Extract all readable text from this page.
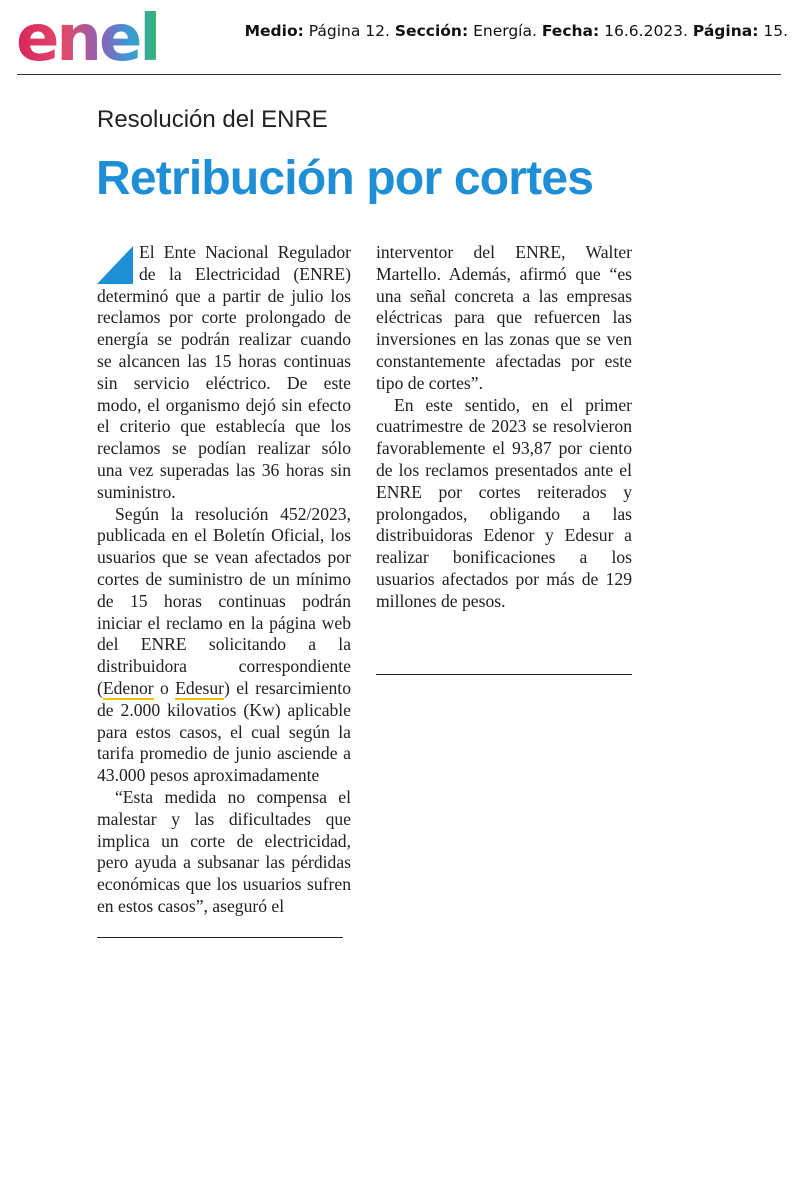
enel	Medio: Página 12. Sección: Energía. Fecha: 16.6.2023. Página: 15.
Resolución del ENRE
Retribución por cortes

El Ente Nacional Regulador de la Electricidad (ENRE) determinó que a partir de julio los reclamos por corte prolongado de energía se podrán realizar cuando se alcancen las 15 horas continuas sin servicio eléctrico. De este modo, el organismo dejó sin efecto el criterio que establecía que los reclamos se podían realizar sólo una vez superadas las 36 horas sin suministro.

Según la resolución 452/2023, publicada en el Boletín Oficial, los usuarios que se vean afectados por cortes de suministro de un mínimo de 15 horas continuas podrán iniciar el reclamo en la página web del ENRE solicitando a la distribuidora correspondiente (Edenor o Edesur) el resarcimiento de 2.000 kilovatios (Kw) aplicable para estos casos, el cual según la tarifa promedio de junio asciende a 43.000 pesos aproximadamente

“Esta medida no compensa el malestar y las dificultades que implica un corte de electricidad, pero ayuda a subsanar las pérdidas económicas que los usuarios sufren en estos casos”, aseguró el

interventor del ENRE, Walter Martello. Además, afirmó que “es una señal concreta a las empresas eléctricas para que refuercen las inversiones en las zonas que se ven constantemente afectadas por este tipo de cortes”.

En este sentido, en el primer cuatrimestre de 2023 se resolvieron favorablemente el 93,87 por ciento de los reclamos presentados ante el ENRE por cortes reiterados y prolongados, obligando a las distribuidoras Edenor y Edesur a realizar bonificaciones a los usuarios afectados por más de 129 millones de pesos.
